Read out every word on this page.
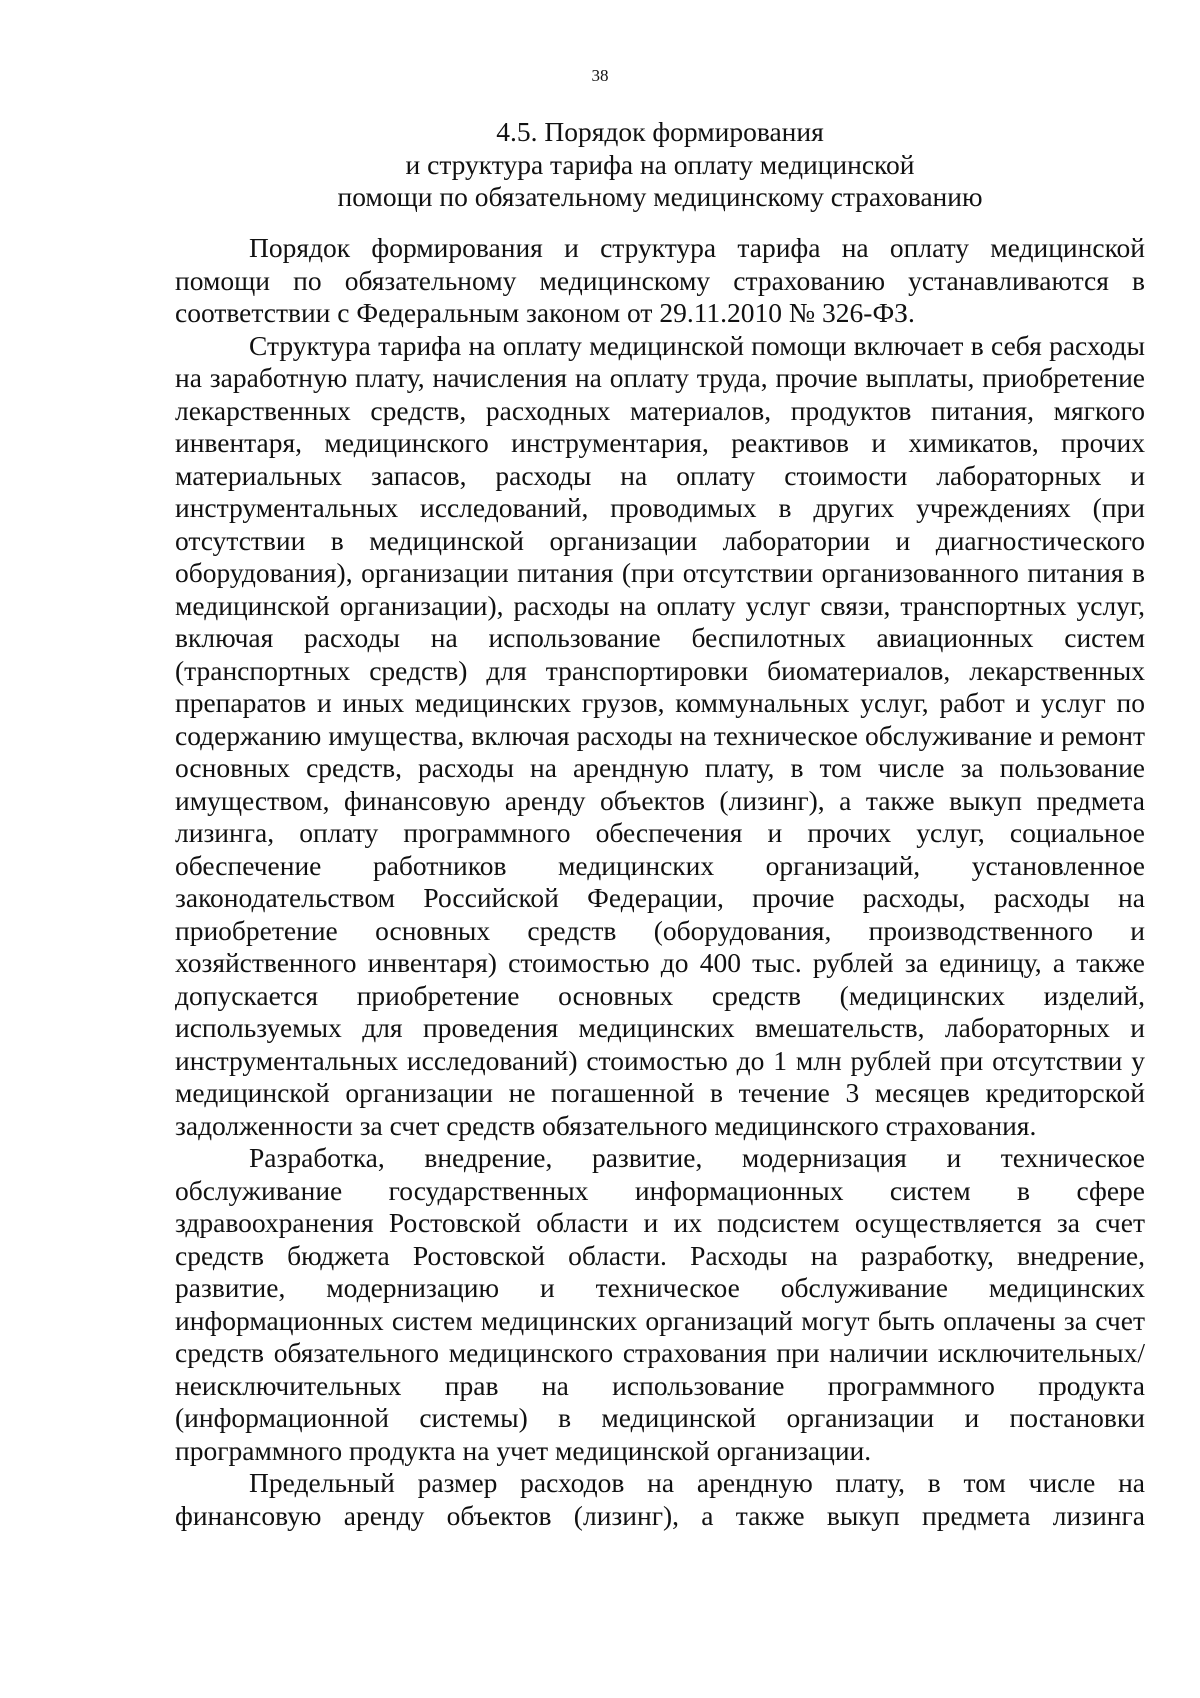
38
4.5. Порядок формирования
и структура тарифа на оплату медицинской
помощи по обязательному медицинскому страхованию

Порядок формирования и структура тарифа на оплату медицинской помощи по обязательному медицинскому страхованию устанавливаются в соответствии с Федеральным законом от 29.11.2010 № 326-ФЗ.

Структура тарифа на оплату медицинской помощи включает в себя расходы на заработную плату, начисления на оплату труда, прочие выплаты, приобретение лекарственных средств, расходных материалов, продуктов питания, мягкого инвентаря, медицинского инструментария, реактивов и химикатов, прочих материальных запасов, расходы на оплату стоимости лабораторных и инструментальных исследований, проводимых в других учреждениях (при отсутствии в медицинской организации лаборатории и диагностического оборудования), организации питания (при отсутствии организованного питания в медицинской организации), расходы на оплату услуг связи, транспортных услуг, включая расходы на использование беспилотных авиационных систем (транспортных средств) для транспортировки биоматериалов, лекарственных препаратов и иных медицинских грузов, коммунальных услуг, работ и услуг по содержанию имущества, включая расходы на техническое обслуживание и ремонт основных средств, расходы на арендную плату, в том числе за пользование имуществом, финансовую аренду объектов (лизинг), а также выкуп предмета лизинга, оплату программного обеспечения и прочих услуг, социальное обеспечение работников медицинских организаций, установленное законодательством Российской Федерации, прочие расходы, расходы на приобретение основных средств (оборудования, производственного и хозяйственного инвентаря) стоимостью до 400 тыс. рублей за единицу, а также допускается приобретение основных средств (медицинских изделий, используемых для проведения медицинских вмешательств, лабораторных и инструментальных исследований) стоимостью до 1 млн рублей при отсутствии у медицинской организации не погашенной в течение 3 месяцев кредиторской задолженности за счет средств обязательного медицинского страхования.

Разработка, внедрение, развитие, модернизация и техническое обслуживание государственных информационных систем в сфере здравоохранения Ростовской области и их подсистем осуществляется за счет средств бюджета Ростовской области. Расходы на разработку, внедрение, развитие, модернизацию и техническое обслуживание медицинских информационных систем медицинских организаций могут быть оплачены за счет средств обязательного медицинского страхования при наличии исключительных/неисключительных прав на использование программного продукта (информационной системы) в медицинской организации и постановки программного продукта на учет медицинской организации.

Предельный размер расходов на арендную плату, в том числе на финансовую аренду объектов (лизинг), а также выкуп предмета лизинга
